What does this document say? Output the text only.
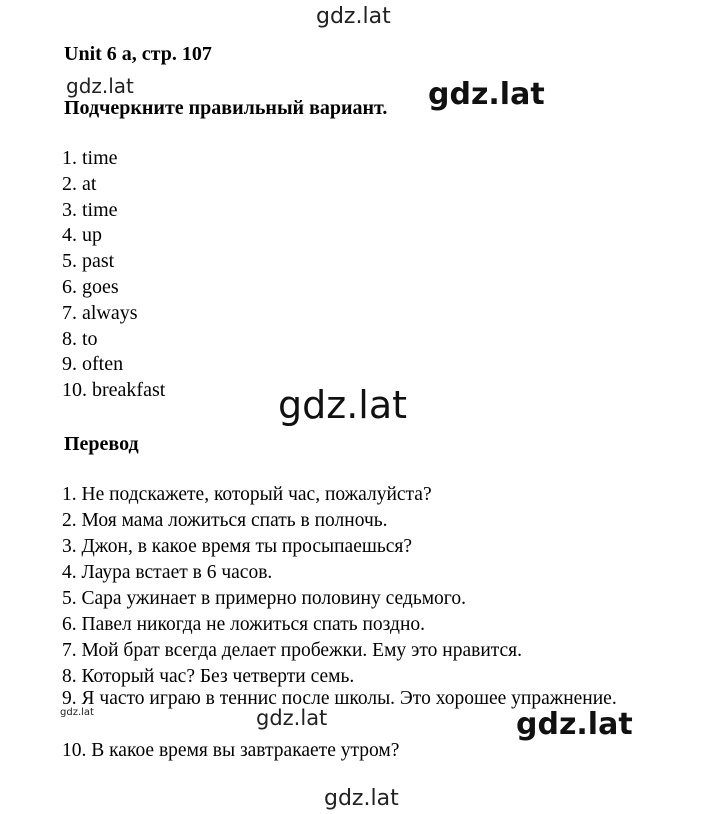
Unit 6 a, стр. 107
Подчеркните правильный вариант.
1. time
2. at
3. time
4. up
5. past
6. goes
7. always
8. to
9. often
10. breakfast
Перевод
1. Не подскажете, который час, пожалуйста?
2. Моя мама ложиться спать в полночь.
3. Джон, в какое время ты просыпаешься?
4. Лаура встает в 6 часов.
5. Сара ужинает в примерно половину седьмого.
6. Павел никогда не ложиться спать поздно.
7. Мой брат всегда делает пробежки. Ему это нравится.
8. Который час? Без четверти семь.
9. Я часто играю в теннис после школы. Это хорошее упражнение.
10. В какое время вы завтракаете утром?
gdz.lat
gdz.lat	gdz.lat
gdz.lat
gdz.lat	gdz.lat	gdz.lat
gdz.lat
